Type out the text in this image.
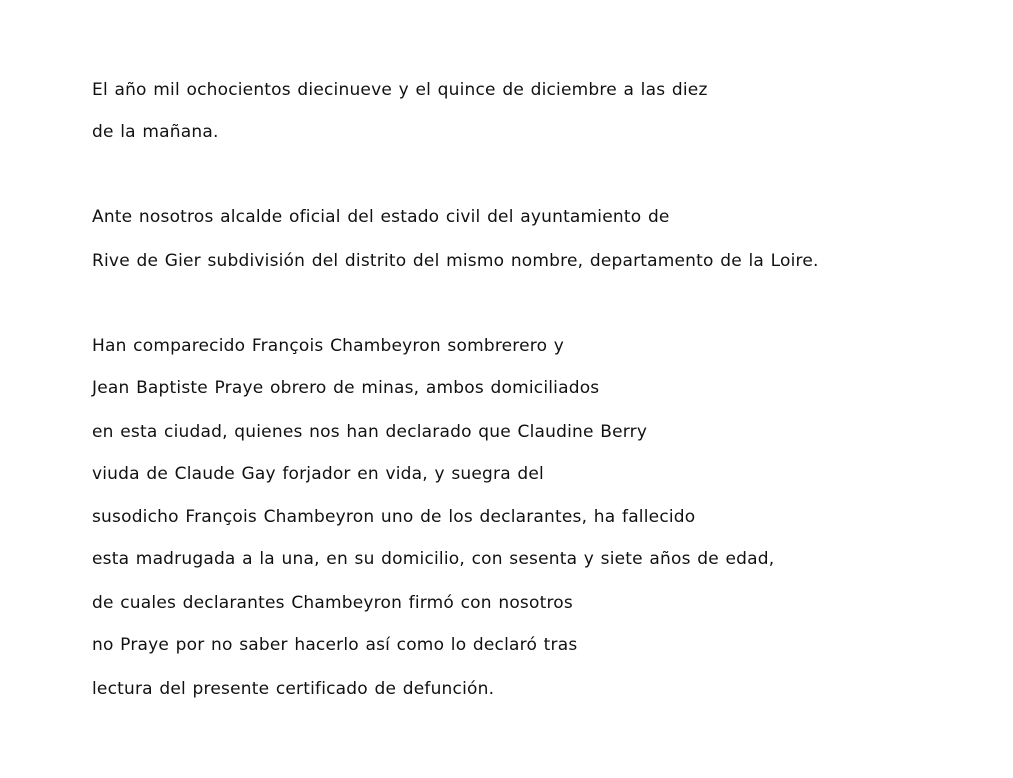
El año mil ochocientos diecinueve y el quince de diciembre a las diez
de la mañana.
Ante nosotros alcalde oficial del estado civil del ayuntamiento de
Rive de Gier subdivisión del distrito del mismo nombre, departamento de la Loire.
Han comparecido François Chambeyron sombrerero y
Jean Baptiste Praye obrero de minas, ambos domiciliados
en esta ciudad, quienes nos han declarado que Claudine Berry
viuda de Claude Gay forjador en vida, y suegra del
susodicho François Chambeyron uno de los declarantes, ha fallecido
esta madrugada a la una, en su domicilio, con sesenta y siete años de edad,
de cuales declarantes Chambeyron firmó con nosotros
no Praye por no saber hacerlo así como lo declaró tras
lectura del presente certificado de defunción.
